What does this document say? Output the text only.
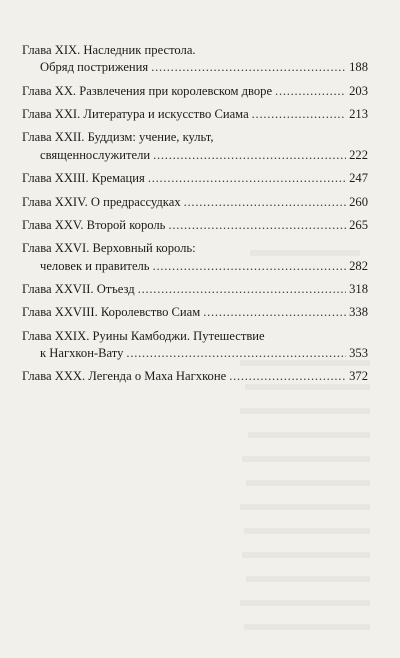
Глава XIX. Наследник престола.
Обряд пострижения . . .	188
Глава XX. Развлечения при королевском дворе . . .	203
Глава XXI. Литература и искусство Сиама . . .	213
Глава XXII. Буддизм: учение, культ,
священнослужители . . .	222
Глава XXIII. Кремация . . .	247
Глава XXIV. О предрассудках . . .	260
Глава XXV. Второй король . . .	265
Глава XXVI. Верховный король:
человек и правитель . . .	282
Глава XXVII. Отъезд . . .	318
Глава XXVIII. Королевство Сиам . . .	338
Глава XXIX. Руины Камбоджи. Путешествие
к Нагхкон-Вату . . .	353
Глава XXX. Легенда о Маха Нагхконе . . .	372
